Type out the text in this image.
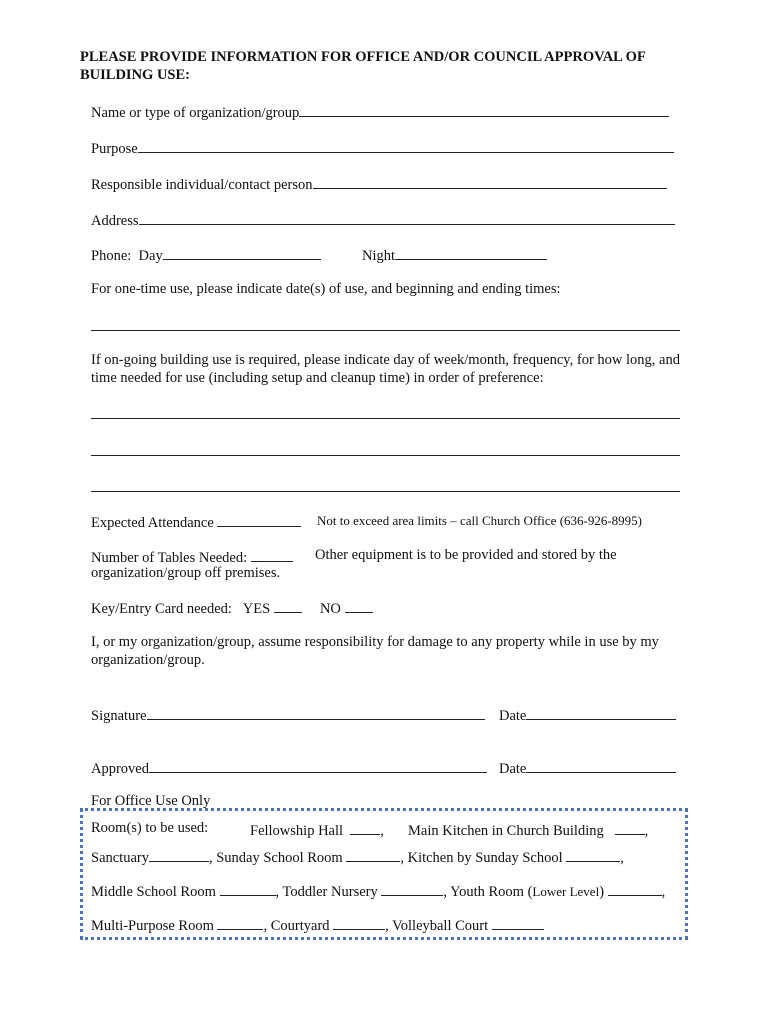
PLEASE PROVIDE INFORMATION FOR OFFICE AND/OR COUNCIL APPROVAL OF BUILDING USE:
Name or type of organization/group
Purpose
Responsible individual/contact person
Address
Phone: Day	Night
For one-time use, please indicate date(s) of use, and beginning and ending times:
If on-going building use is required, please indicate day of week/month, frequency, for how long, and time needed for use (including setup and cleanup time) in order of preference:
Expected Attendance	Not to exceed area limits – call Church Office (636-926-8995)
Number of Tables Needed:	Other equipment is to be provided and stored by the
organization/group off premises.
Key/Entry Card needed: YES	NO
I, or my organization/group, assume responsibility for damage to any property while in use by my organization/group.
Signature	Date
Approved	Date
For Office Use Only
Room(s) to be used:	Fellowship Hall	, Main Kitchen in Church Building	,
Sanctuary	, Sunday School Room	, Kitchen by Sunday School	,
Middle School Room	, Toddler Nursery	, Youth Room (Lower Level)	,
Multi-Purpose Room	, Courtyard	, Volleyball Court
